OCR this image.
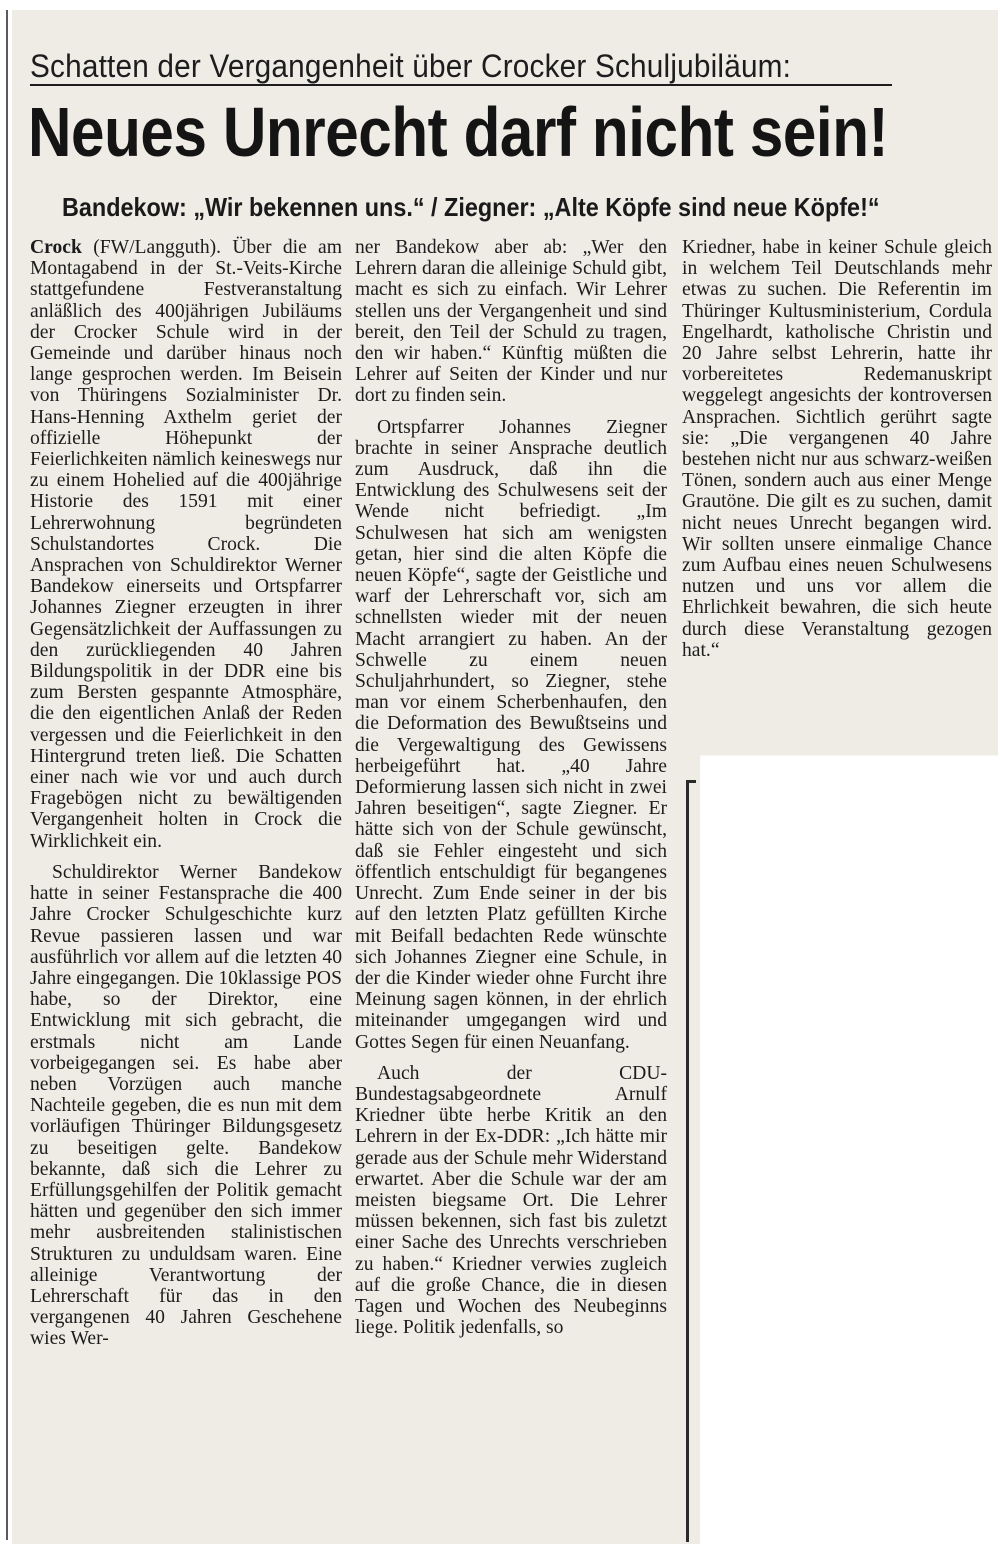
Schatten der Vergangenheit über Crocker Schuljubiläum:
Neues Unrecht darf nicht sein!
Bandekow: „Wir bekennen uns.“ / Ziegner: „Alte Köpfe sind neue Köpfe!“

Crock (FW/Langguth). Über die am Montagabend in der St.-Veits-Kirche stattgefundene Festveranstaltung anläßlich des 400jährigen Jubiläums der Crocker Schule wird in der Gemeinde und darüber hinaus noch lange gesprochen werden. Im Beisein von Thüringens Sozialminister Dr. Hans-Henning Axthelm geriet der offizielle Höhepunkt der Feierlichkeiten nämlich keineswegs nur zu einem Hohelied auf die 400jährige Historie des 1591 mit einer Lehrerwohnung begründeten Schulstandortes Crock. Die Ansprachen von Schuldirektor Werner Bandekow einerseits und Ortspfarrer Johannes Ziegner erzeugten in ihrer Gegensätzlichkeit der Auffassungen zu den zurückliegenden 40 Jahren Bildungspolitik in der DDR eine bis zum Bersten gespannte Atmosphäre, die den eigentlichen Anlaß der Reden vergessen und die Feierlichkeit in den Hintergrund treten ließ. Die Schatten einer nach wie vor und auch durch Fragebögen nicht zu bewältigenden Vergangenheit holten in Crock die Wirklichkeit ein.

Schuldirektor Werner Bandekow hatte in seiner Festansprache die 400 Jahre Crocker Schulgeschichte kurz Revue passieren lassen und war ausführlich vor allem auf die letzten 40 Jahre eingegangen. Die 10klassige POS habe, so der Direktor, eine Entwicklung mit sich gebracht, die erstmals nicht am Lande vorbeigegangen sei. Es habe aber neben Vorzügen auch manche Nachteile gegeben, die es nun mit dem vorläufigen Thüringer Bildungsgesetz zu beseitigen gelte. Bandekow bekannte, daß sich die Lehrer zu Erfüllungsgehilfen der Politik gemacht hätten und gegenüber den sich immer mehr ausbreitenden stalinistischen Strukturen zu unduldsam waren. Eine alleinige Verantwortung der Lehrerschaft für das in den vergangenen 40 Jahren Geschehene wies Wer-

ner Bandekow aber ab: „Wer den Lehrern daran die alleinige Schuld gibt, macht es sich zu einfach. Wir Lehrer stellen uns der Vergangenheit und sind bereit, den Teil der Schuld zu tragen, den wir haben.“ Künftig müßten die Lehrer auf Seiten der Kinder und nur dort zu finden sein.

Ortspfarrer Johannes Ziegner brachte in seiner Ansprache deutlich zum Ausdruck, daß ihn die Entwicklung des Schulwesens seit der Wende nicht befriedigt. „Im Schulwesen hat sich am wenigsten getan, hier sind die alten Köpfe die neuen Köpfe“, sagte der Geistliche und warf der Lehrerschaft vor, sich am schnellsten wieder mit der neuen Macht arrangiert zu haben. An der Schwelle zu einem neuen Schuljahrhundert, so Ziegner, stehe man vor einem Scherbenhaufen, den die Deformation des Bewußtseins und die Vergewaltigung des Gewissens herbeigeführt hat. „40 Jahre Deformierung lassen sich nicht in zwei Jahren beseitigen“, sagte Ziegner. Er hätte sich von der Schule gewünscht, daß sie Fehler eingesteht und sich öffentlich entschuldigt für begangenes Unrecht. Zum Ende seiner in der bis auf den letzten Platz gefüllten Kirche mit Beifall bedachten Rede wünschte sich Johannes Ziegner eine Schule, in der die Kinder wieder ohne Furcht ihre Meinung sagen können, in der ehrlich miteinander umgegangen wird und Gottes Segen für einen Neuanfang.

Auch der CDU-Bundestagsabgeordnete Arnulf Kriedner übte herbe Kritik an den Lehrern in der Ex-DDR: „Ich hätte mir gerade aus der Schule mehr Widerstand erwartet. Aber die Schule war der am meisten biegsame Ort. Die Lehrer müssen bekennen, sich fast bis zuletzt einer Sache des Unrechts verschrieben zu haben.“ Kriedner verwies zugleich auf die große Chance, die in diesen Tagen und Wochen des Neubeginns liege. Politik jedenfalls, so

Kriedner, habe in keiner Schule gleich in welchem Teil Deutschlands mehr etwas zu suchen. Die Referentin im Thüringer Kultusministerium, Cordula Engelhardt, katholische Christin und 20 Jahre selbst Lehrerin, hatte ihr vorbereitetes Redemanuskript weggelegt angesichts der kontroversen Ansprachen. Sichtlich gerührt sagte sie: „Die vergangenen 40 Jahre bestehen nicht nur aus schwarz-weißen Tönen, sondern auch aus einer Menge Grautöne. Die gilt es zu suchen, damit nicht neues Unrecht begangen wird. Wir sollten unsere einmalige Chance zum Aufbau eines neuen Schulwesens nutzen und uns vor allem die Ehrlichkeit bewahren, die sich heute durch diese Veranstaltung gezogen hat.“
